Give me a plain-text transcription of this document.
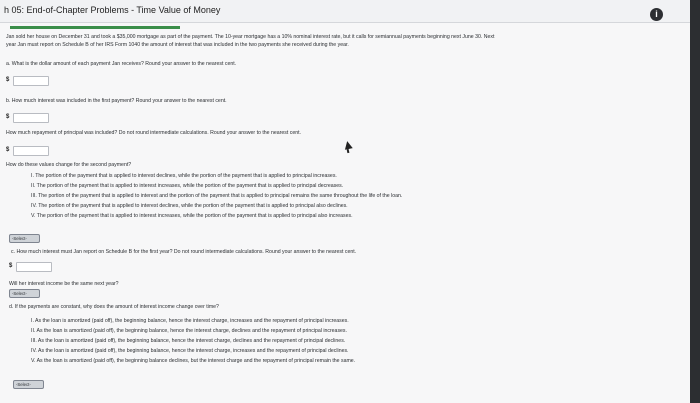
h 05: End-of-Chapter Problems - Time Value of Money	i
Jan sold her house on December 31 and took a $35,000 mortgage as part of the payment. The 10-year mortgage has a 10% nominal interest rate, but it calls for semiannual payments beginning next June 30. Next
year Jan must report on Schedule B of her IRS Form 1040 the amount of interest that was included in the two payments she received during the year.
a. What is the dollar amount of each payment Jan receives? Round your answer to the nearest cent.
$
b. How much interest was included in the first payment? Round your answer to the nearest cent.
$
How much repayment of principal was included? Do not round intermediate calculations. Round your answer to the nearest cent.
$
How do these values change for the second payment?
I. The portion of the payment that is applied to interest declines, while the portion of the payment that is applied to principal increases.
II. The portion of the payment that is applied to interest increases, while the portion of the payment that is applied to principal decreases.
III. The portion of the payment that is applied to interest and the portion of the payment that is applied to principal remains the same throughout the life of the loan.
IV. The portion of the payment that is applied to interest declines, while the portion of the payment that is applied to principal also declines.
V. The portion of the payment that is applied to interest increases, while the portion of the payment that is applied to principal also increases.
-Select-
c. How much interest must Jan report on Schedule B for the first year? Do not round intermediate calculations. Round your answer to the nearest cent.
$
Will her interest income be the same next year?
-Select-
d. If the payments are constant, why does the amount of interest income change over time?
I. As the loan is amortized (paid off), the beginning balance, hence the interest charge, increases and the repayment of principal increases.
II. As the loan is amortized (paid off), the beginning balance, hence the interest charge, declines and the repayment of principal increases.
III. As the loan is amortized (paid off), the beginning balance, hence the interest charge, declines and the repayment of principal declines.
IV. As the loan is amortized (paid off), the beginning balance, hence the interest charge, increases and the repayment of principal declines.
V. As the loan is amortized (paid off), the beginning balance declines, but the interest charge and the repayment of principal remain the same.
-Select-
